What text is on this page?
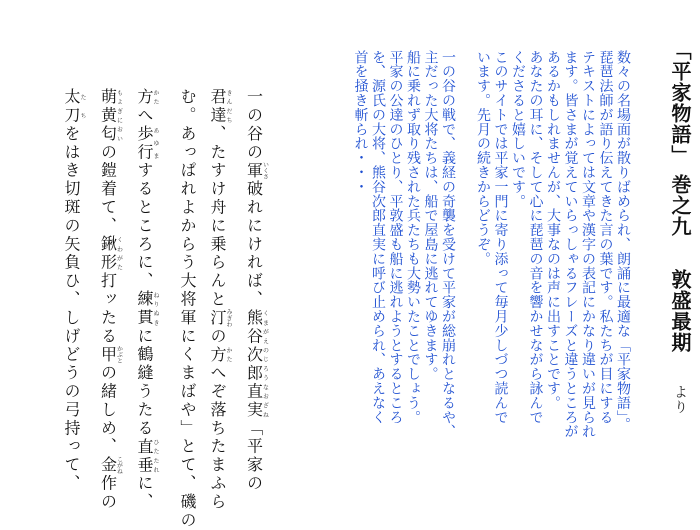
「平家物語」 巻之九  敦盛最期  より
数々の名場面が散りばめられ、朗誦に最適な「平家物語」。
琵琶法師が語り伝えてきた言の葉です。私たちが目にする
テキストによっては文章や漢字の表記にかなり違いが見られ
ます。皆さまが覚えていらっしゃるフレーズと違うところが
あるかもしれませんが、大事なのは声に出すことです。
あなたの耳に、そして心に琵琶の音を響かせながら詠んで
くださると嬉しいです。
このサイトでは平家一門に寄り添って毎月少しづつ読んで
います。先月の続きからどうぞ。
一の谷の戦で、義経の奇襲を受けて平家が総崩れとなるや、
主だった大将たちは、船で屋島に逃れてゆきます。
船に乗れず取り残された兵たちも大勢いたことでしょう。
平家の公達のひとり、平敦盛も船に逃れようとするところ
を、源氏の大将、熊谷次郎直実に呼び止められ、あえなく
首を掻き斬られ・・・
一の谷の軍いくさ破れにければ、熊谷次郎直実くまがえのじろうなおざね「平家の
君達きんだち、たすけ舟に乗らんと汀みぎわの方かたへぞ落ちたまふら
む。あっぱれよからう大将軍にくまばや」とて、磯の
方かたへ歩行あゆまするところに、練貫ねりぬきに鶴縫うたる直垂ひたたれに、
萌黄匂もよぎにおいの鎧着て、鍬形くわがた打ッたる甲かぶとの緒しめ、金こがね作の
太刀たちをはき切斑の矢負ひ、しげどうの弓持って、
